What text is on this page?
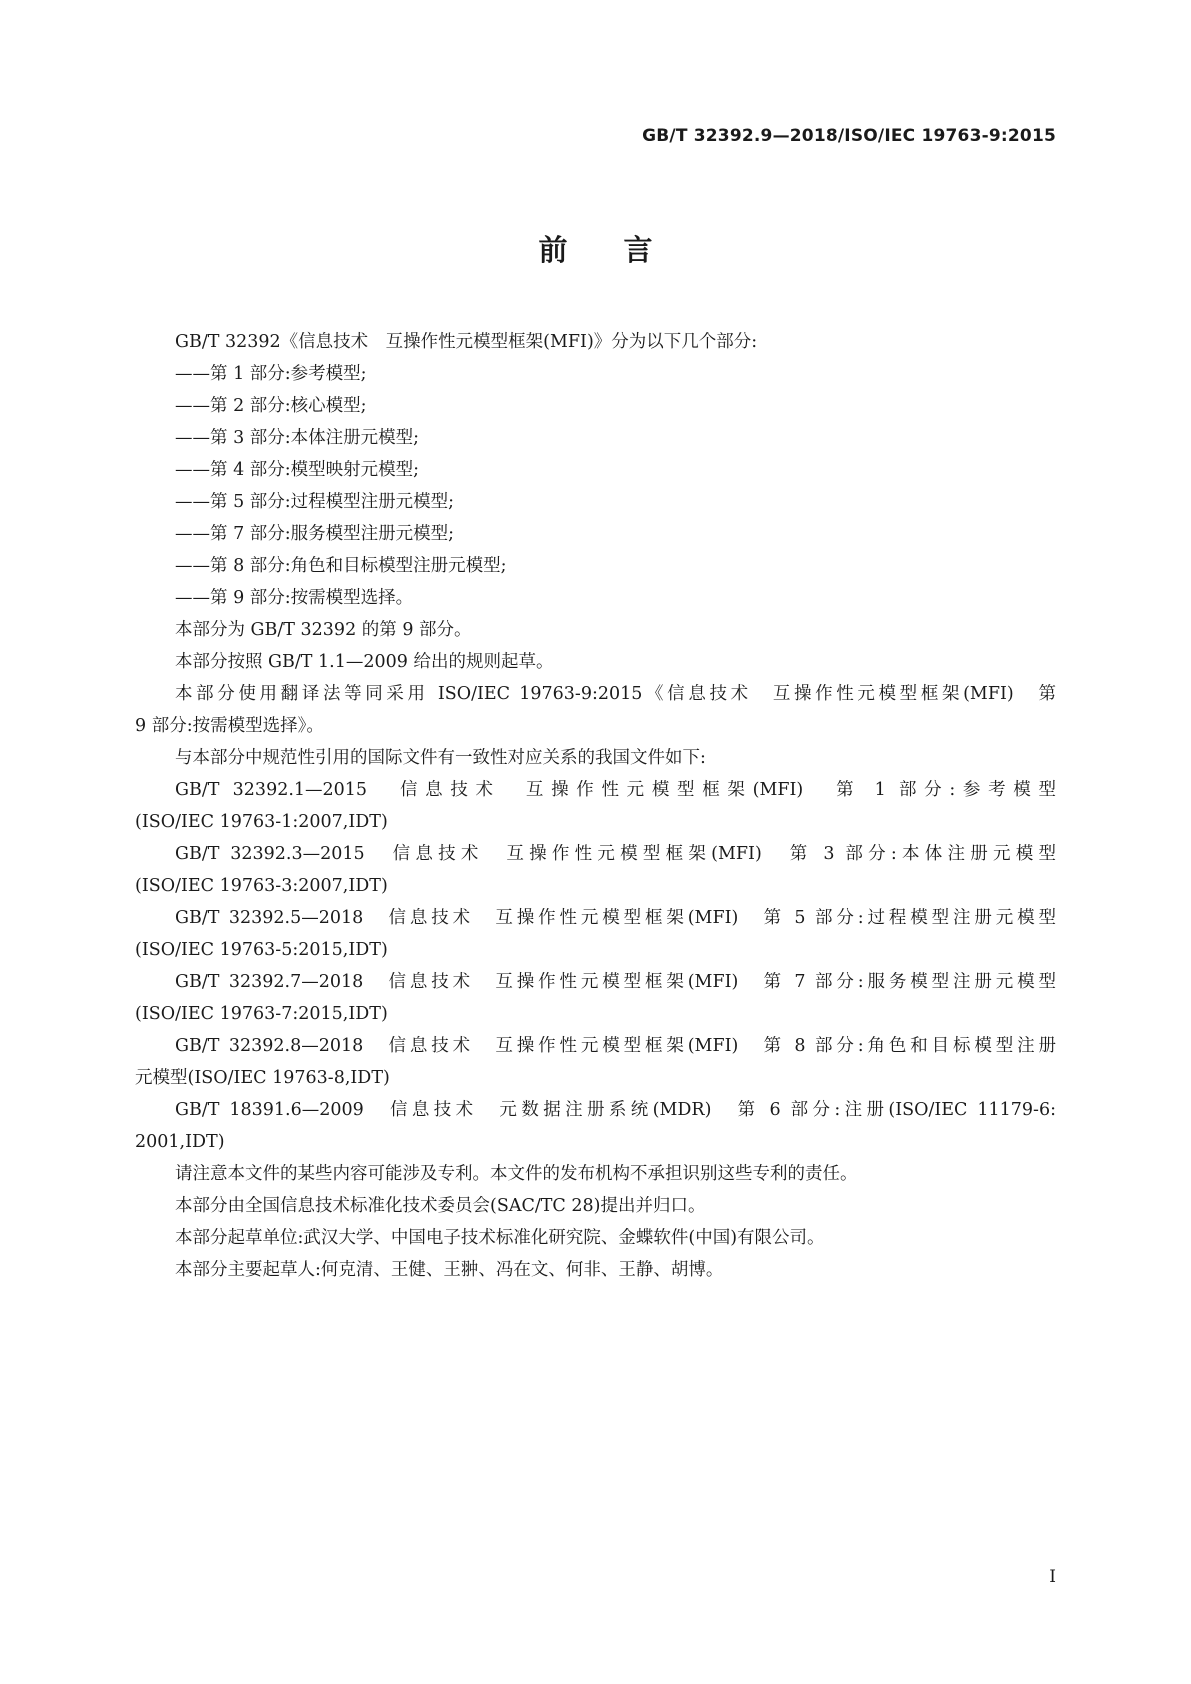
GB/T 32392.9—2018/ISO/IEC 19763-9:2015
前言
GB/T 32392《信息技术　互操作性元模型框架(MFI)》分为以下几个部分:
——第 1 部分:参考模型;
——第 2 部分:核心模型;
——第 3 部分:本体注册元模型;
——第 4 部分:模型映射元模型;
——第 5 部分:过程模型注册元模型;
——第 7 部分:服务模型注册元模型;
——第 8 部分:角色和目标模型注册元模型;
——第 9 部分:按需模型选择。
本部分为 GB/T 32392 的第 9 部分。
本部分按照 GB/T 1.1—2009 给出的规则起草。
本部分使用翻译法等同采用 ISO/IEC 19763-9:2015《信息技术　互操作性元模型框架(MFI)　第
9 部分:按需模型选择》。
与本部分中规范性引用的国际文件有一致性对应关系的我国文件如下:
GB/T 32392.1—2015　信息技术　互操作性元模型框架(MFI)　第 1 部分:参考模型
(ISO/IEC 19763-1:2007,IDT)
GB/T 32392.3—2015　信息技术　互操作性元模型框架(MFI)　第 3 部分:本体注册元模型
(ISO/IEC 19763-3:2007,IDT)
GB/T 32392.5—2018　信息技术　互操作性元模型框架(MFI)　第 5 部分:过程模型注册元模型
(ISO/IEC 19763-5:2015,IDT)
GB/T 32392.7—2018　信息技术　互操作性元模型框架(MFI)　第 7 部分:服务模型注册元模型
(ISO/IEC 19763-7:2015,IDT)
GB/T 32392.8—2018　信息技术　互操作性元模型框架(MFI)　第 8 部分:角色和目标模型注册
元模型(ISO/IEC 19763-8,IDT)
GB/T 18391.6—2009　信息技术　元数据注册系统(MDR)　第 6 部分:注册(ISO/IEC 11179-6:
2001,IDT)
请注意本文件的某些内容可能涉及专利。本文件的发布机构不承担识别这些专利的责任。
本部分由全国信息技术标准化技术委员会(SAC/TC 28)提出并归口。
本部分起草单位:武汉大学、中国电子技术标准化研究院、金蝶软件(中国)有限公司。
本部分主要起草人:何克清、王健、王翀、冯在文、何非、王静、胡博。
I
